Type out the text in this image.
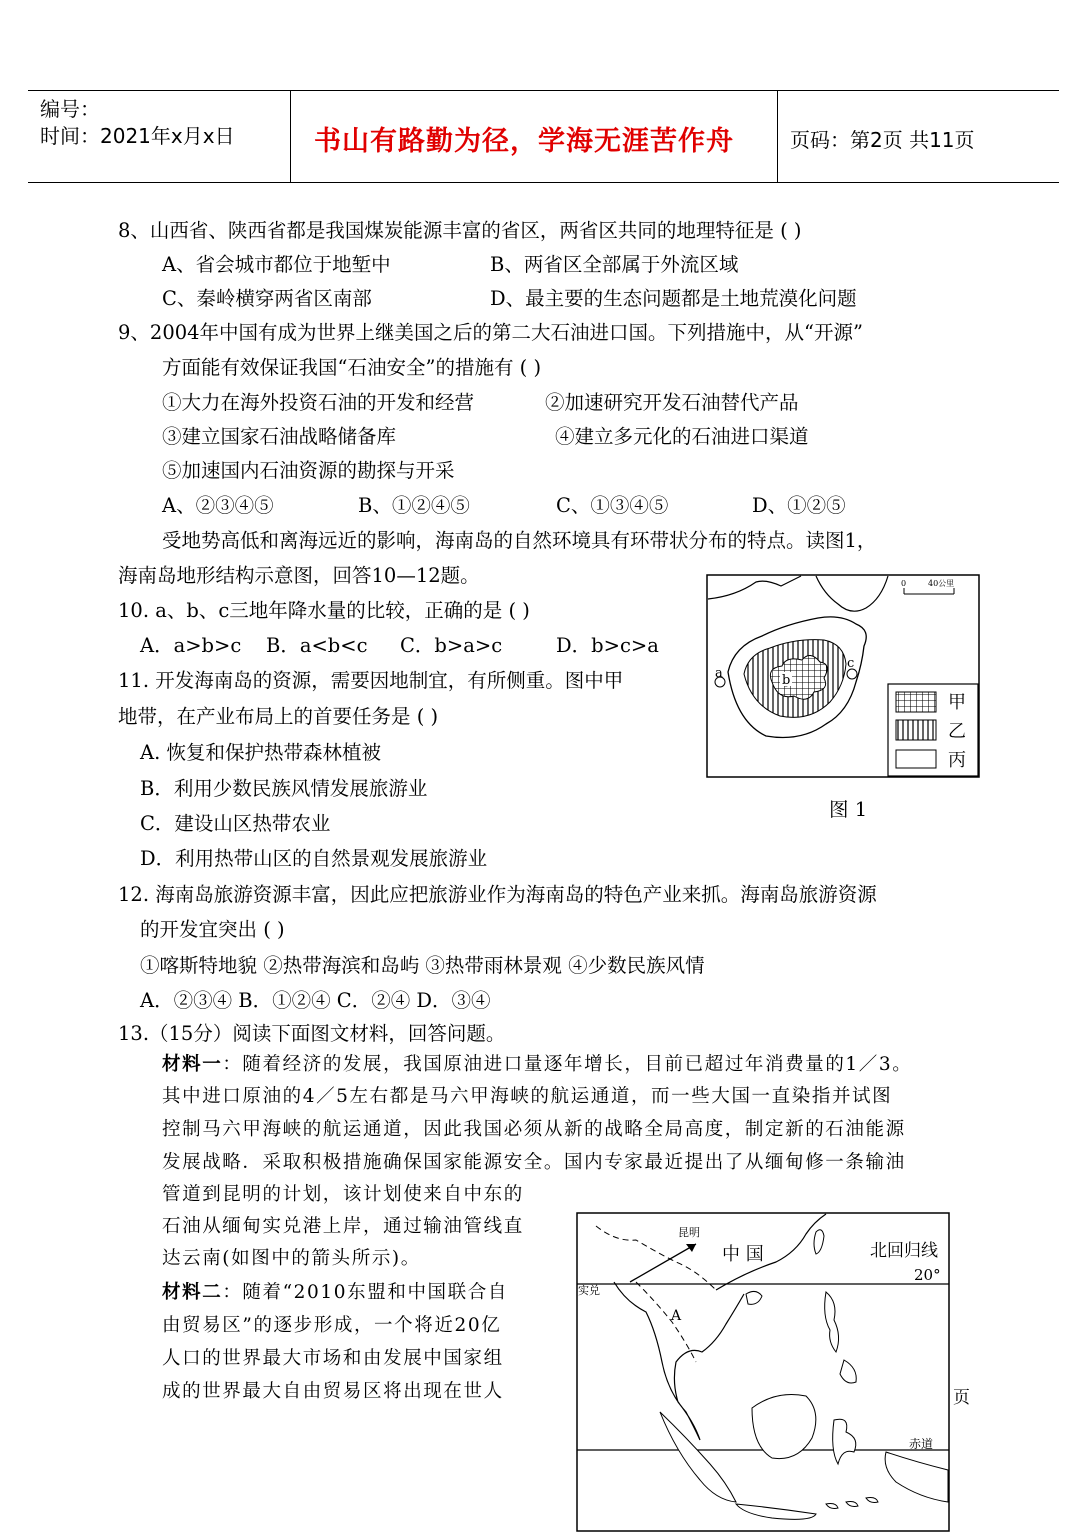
编号：
时间：2021年x月x日	书山有路勤为径，学海无涯苦作舟	页码：第2页 共11页
8、山西省、陕西省都是我国煤炭能源丰富的省区，两省区共同的地理特征是 ( )
A、省会城市都位于地堑中	B、两省区全部属于外流区域
C、秦岭横穿两省区南部	D、最主要的生态问题都是土地荒漠化问题
9、2004年中国有成为世界上继美国之后的第二大石油进口国。下列措施中，从“开源”
方面能有效保证我国“石油安全”的措施有 ( )
①大力在海外投资石油的开发和经营	②加速研究开发石油替代产品
③建立国家石油战略储备库	④建立多元化的石油进口渠道
⑤加速国内石油资源的勘探与开采
A、②③④⑤	B、①②④⑤	C、①③④⑤	D、①②⑤
受地势高低和离海远近的影响，海南岛的自然环境具有环带状分布的特点。读图1，
海南岛地形结构示意图，回答10—12题。
10. a、b、c三地年降水量的比较，正确的是 ( )
A．a>b>c B．a<b<c C．b>a>c	D．b>c>a
11. 开发海南岛的资源，需要因地制宜，有所侧重。图中甲
地带，在产业布局上的首要任务是 ( )
A. 恢复和保护热带森林植被
B．利用少数民族风情发展旅游业
C．建设山区热带农业
D．利用热带山区的自然景观发展旅游业
0	40公里
a	b
c
甲
乙
丙
图 1
12. 海南岛旅游资源丰富，因此应把旅游业作为海南岛的特色产业来抓。海南岛旅游资源
的开发宜突出 ( )
①喀斯特地貌 ②热带海滨和岛屿 ③热带雨林景观 ④少数民族风情
A．②③④ B．①②④ C．②④ D．③④
13.（15分）阅读下面图文材料，回答问题。
材料一：随着经济的发展，我国原油进口量逐年增长，目前已超过年消费量的1／3。
其中进口原油的4／5左右都是马六甲海峡的航运通道，而一些大国一直染指并试图
控制马六甲海峡的航运通道，因此我国必须从新的战略全局高度，制定新的石油能源
发展战略．采取积极措施确保国家能源安全。国内专家最近提出了从缅甸修一条输油
管道到昆明的计划，该计划使来自中东的
石油从缅甸实兑港上岸，通过输油管线直
达云南(如图中的箭头所示)。
材料二：随着“2010东盟和中国联合自
由贸易区”的逐步形成，一个将近20亿
人口的世界最大市场和由发展中国家组
成的世界最大自由贸易区将出现在世人
昆明
中 国	北回归线
20°
实兑
A
赤道
页
